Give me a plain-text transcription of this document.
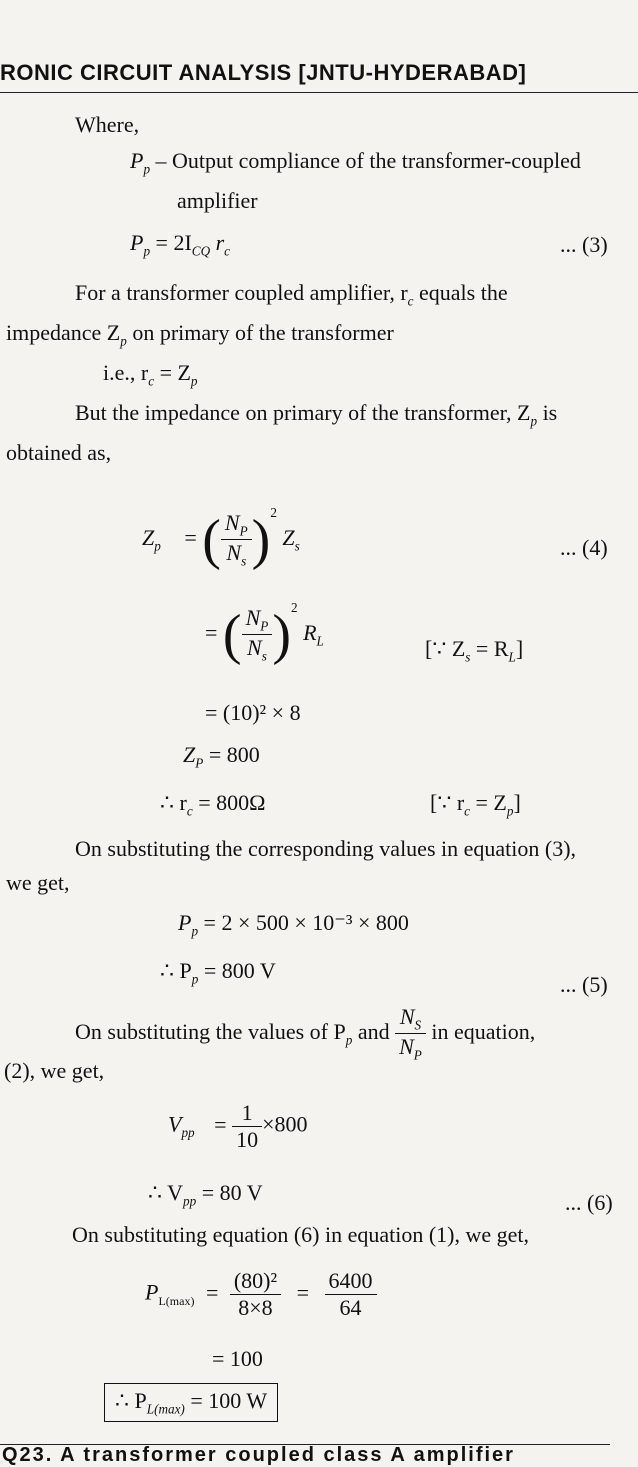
RONIC CIRCUIT ANALYSIS [JNTU-HYDERABAD]
Where,
$P_p$ – Output compliance of the transformer-coupled
amplifier
$P_p = 2I_{CQ}$ $r_c$	... (3)
For a transformer coupled amplifier, $r_c$ equals the
impedance $Z_p$ on primary of the transformer
i.e., $r_c = Z_p$
But the impedance on primary of the transformer, $Z_p$ is
obtained as,
$Z_p$ = ( $\frac{N_P}{N_s} )^2$ $Z_s$	... (4)
= ( $\frac{N_P}{N_s} )^2$ $R_L$	[∵ $Z_s = R_L$]
= (10)² × 8
$Z_P = 800$
∴ $r_c = 800\Omega$	[∵ $r_c = Z_p$]
On substituting the corresponding values in equation (3),
we get,
$P_p = 2 \times 500 \times 10^{-3} \times 800$
∴ $P_p = 800$ V
... (5)
On substituting the values of $P_p$ and $\frac{N_S}{N_P}$ in equation,
(2), we get,
$V_{pp} = \frac{1}{10} \times 800$
∴ $V_{pp} = 80$ V	... (6)
On substituting equation (6) in equation (1), we get,
$P_{L(max)} = \frac{\text{(80)²}}{8\times 8} = \frac{6400}{64}$
= 100
∴ $P_{L(max)} = 100$ W
Q23. A transformer coupled class A amplifier
